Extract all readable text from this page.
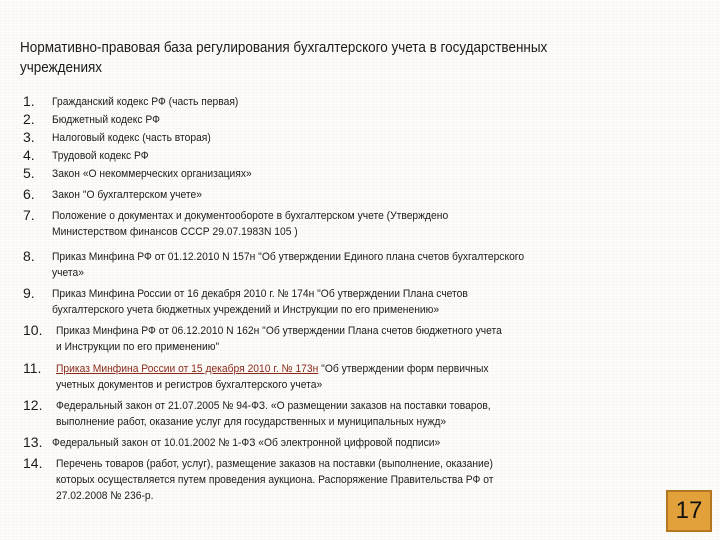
Нормативно-правовая база регулирования бухгалтерского учета в государственных
учреждениях
1. Гражданский кодекс РФ (часть первая)
2. Бюджетный кодекс РФ
3. Налоговый кодекс (часть вторая)
4. Трудовой кодекс РФ
5. Закон «О некоммерческих организациях»
6. Закон "О бухгалтерском учете»
7. Положение о документах и документообороте в бухгалтерском учете (Утверждено
Министерством финансов СССР 29.07.1983N 105 )
8. Приказ Минфина РФ от 01.12.2010 N 157н "Об утверждении Единого плана счетов бухгалтерского
учета»
9. Приказ Минфина России от 16 декабря 2010 г. № 174н "Об утверждении Плана счетов
бухгалтерского учета бюджетных учреждений и Инструкции по его применению»
10. Приказ Минфина РФ от 06.12.2010 N 162н "Об утверждении Плана счетов бюджетного учета
и Инструкции по его применению"
11. Приказ Минфина России от 15 декабря 2010 г. № 173н "Об утверждении форм первичных
учетных документов и регистров бухгалтерского учета»
12. Федеральный закон от 21.07.2005 № 94-ФЗ. «О размещении заказов на поставки товаров,
выполнение работ, оказание услуг для государственных и муниципальных нужд»
13. Федеральный закон от 10.01.2002 № 1-ФЗ «Об электронной цифровой подписи»
14. Перечень товаров (работ, услуг), размещение заказов на поставки (выполнение, оказание)
которых осуществляется путем проведения аукциона. Распоряжение Правительства РФ от
27.02.2008 № 236-р.
17
